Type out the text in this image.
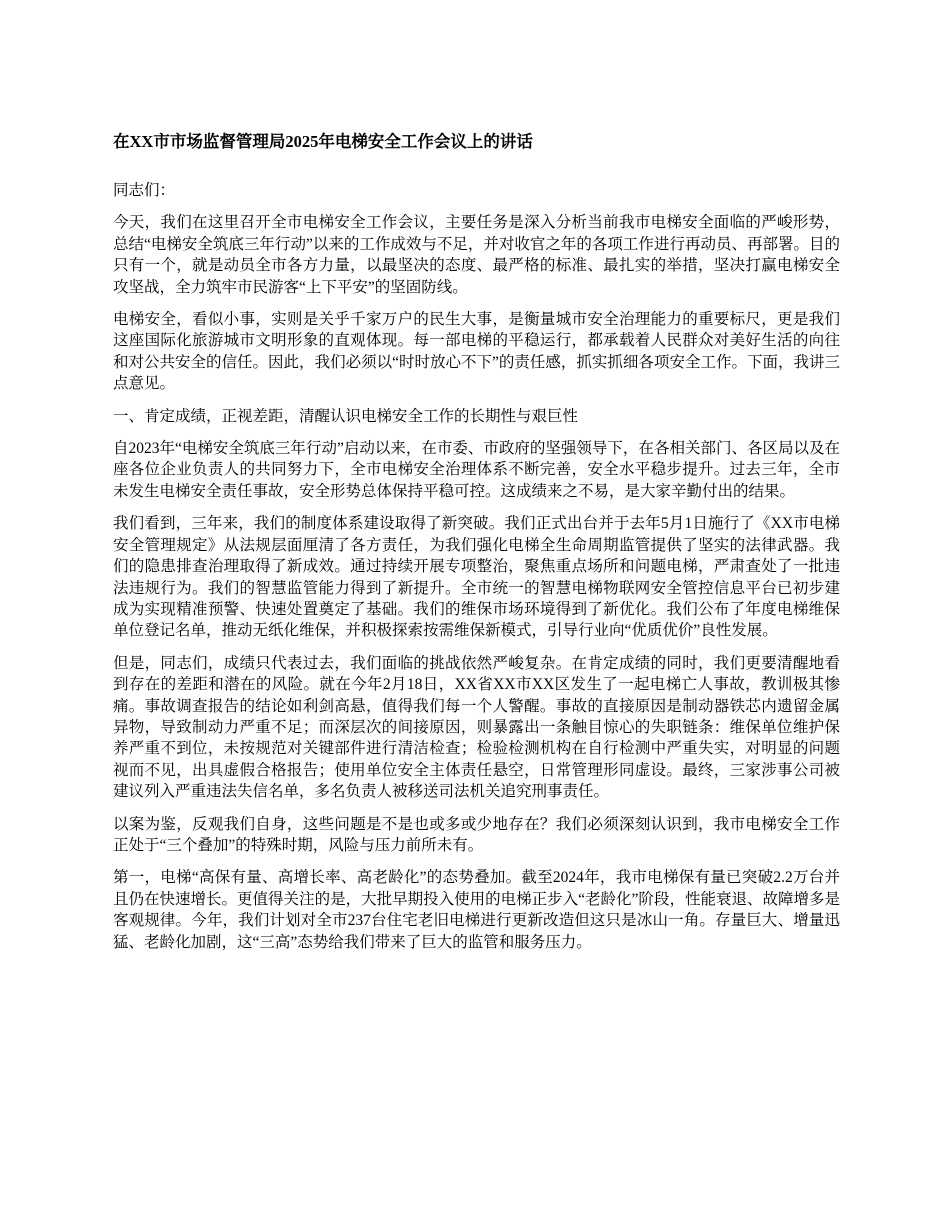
在XX市市场监督管理局2025年电梯安全工作会议上的讲话

同志们：

今天，我们在这里召开全市电梯安全工作会议，主要任务是深入分析当前我市电梯安全面临的严峻形势，总结“电梯安全筑底三年行动”以来的工作成效与不足，并对收官之年的各项工作进行再动员、再部署。目的只有一个，就是动员全市各方力量，以最坚决的态度、最严格的标准、最扎实的举措，坚决打赢电梯安全攻坚战，全力筑牢市民游客“上下平安”的坚固防线。

电梯安全，看似小事，实则是关乎千家万户的民生大事，是衡量城市安全治理能力的重要标尺，更是我们这座国际化旅游城市文明形象的直观体现。每一部电梯的平稳运行，都承载着人民群众对美好生活的向往和对公共安全的信任。因此，我们必须以“时时放心不下”的责任感，抓实抓细各项安全工作。下面，我讲三点意见。

一、肯定成绩，正视差距，清醒认识电梯安全工作的长期性与艰巨性

自2023年“电梯安全筑底三年行动”启动以来，在市委、市政府的坚强领导下，在各相关部门、各区局以及在座各位企业负责人的共同努力下，全市电梯安全治理体系不断完善，安全水平稳步提升。过去三年，全市未发生电梯安全责任事故，安全形势总体保持平稳可控。这成绩来之不易，是大家辛勤付出的结果。

我们看到，三年来，我们的制度体系建设取得了新突破。我们正式出台并于去年5月1日施行了《XX市电梯安全管理规定》从法规层面厘清了各方责任，为我们强化电梯全生命周期监管提供了坚实的法律武器。我们的隐患排查治理取得了新成效。通过持续开展专项整治，聚焦重点场所和问题电梯，严肃查处了一批违法违规行为。我们的智慧监管能力得到了新提升。全市统一的智慧电梯物联网安全管控信息平台已初步建成为实现精准预警、快速处置奠定了基础。我们的维保市场环境得到了新优化。我们公布了年度电梯维保单位登记名单，推动无纸化维保，并积极探索按需维保新模式，引导行业向“优质优价”良性发展。

但是，同志们，成绩只代表过去，我们面临的挑战依然严峻复杂。在肯定成绩的同时，我们更要清醒地看到存在的差距和潜在的风险。就在今年2月18日，XX省XX市XX区发生了一起电梯亡人事故，教训极其惨痛。事故调查报告的结论如利剑高悬，值得我们每一个人警醒。事故的直接原因是制动器铁芯内遗留金属异物，导致制动力严重不足；而深层次的间接原因，则暴露出一条触目惊心的失职链条：维保单位维护保养严重不到位，未按规范对关键部件进行清洁检查；检验检测机构在自行检测中严重失实，对明显的问题视而不见，出具虚假合格报告；使用单位安全主体责任悬空，日常管理形同虚设。最终，三家涉事公司被建议列入严重违法失信名单，多名负责人被移送司法机关追究刑事责任。

以案为鉴，反观我们自身，这些问题是不是也或多或少地存在？我们必须深刻认识到，我市电梯安全工作正处于“三个叠加”的特殊时期，风险与压力前所未有。

第一，电梯“高保有量、高增长率、高老龄化”的态势叠加。截至2024年，我市电梯保有量已突破2.2万台并且仍在快速增长。更值得关注的是，大批早期投入使用的电梯正步入“老龄化”阶段，性能衰退、故障增多是客观规律。今年，我们计划对全市237台住宅老旧电梯进行更新改造但这只是冰山一角。存量巨大、增量迅猛、老龄化加剧，这“三高”态势给我们带来了巨大的监管和服务压力。
